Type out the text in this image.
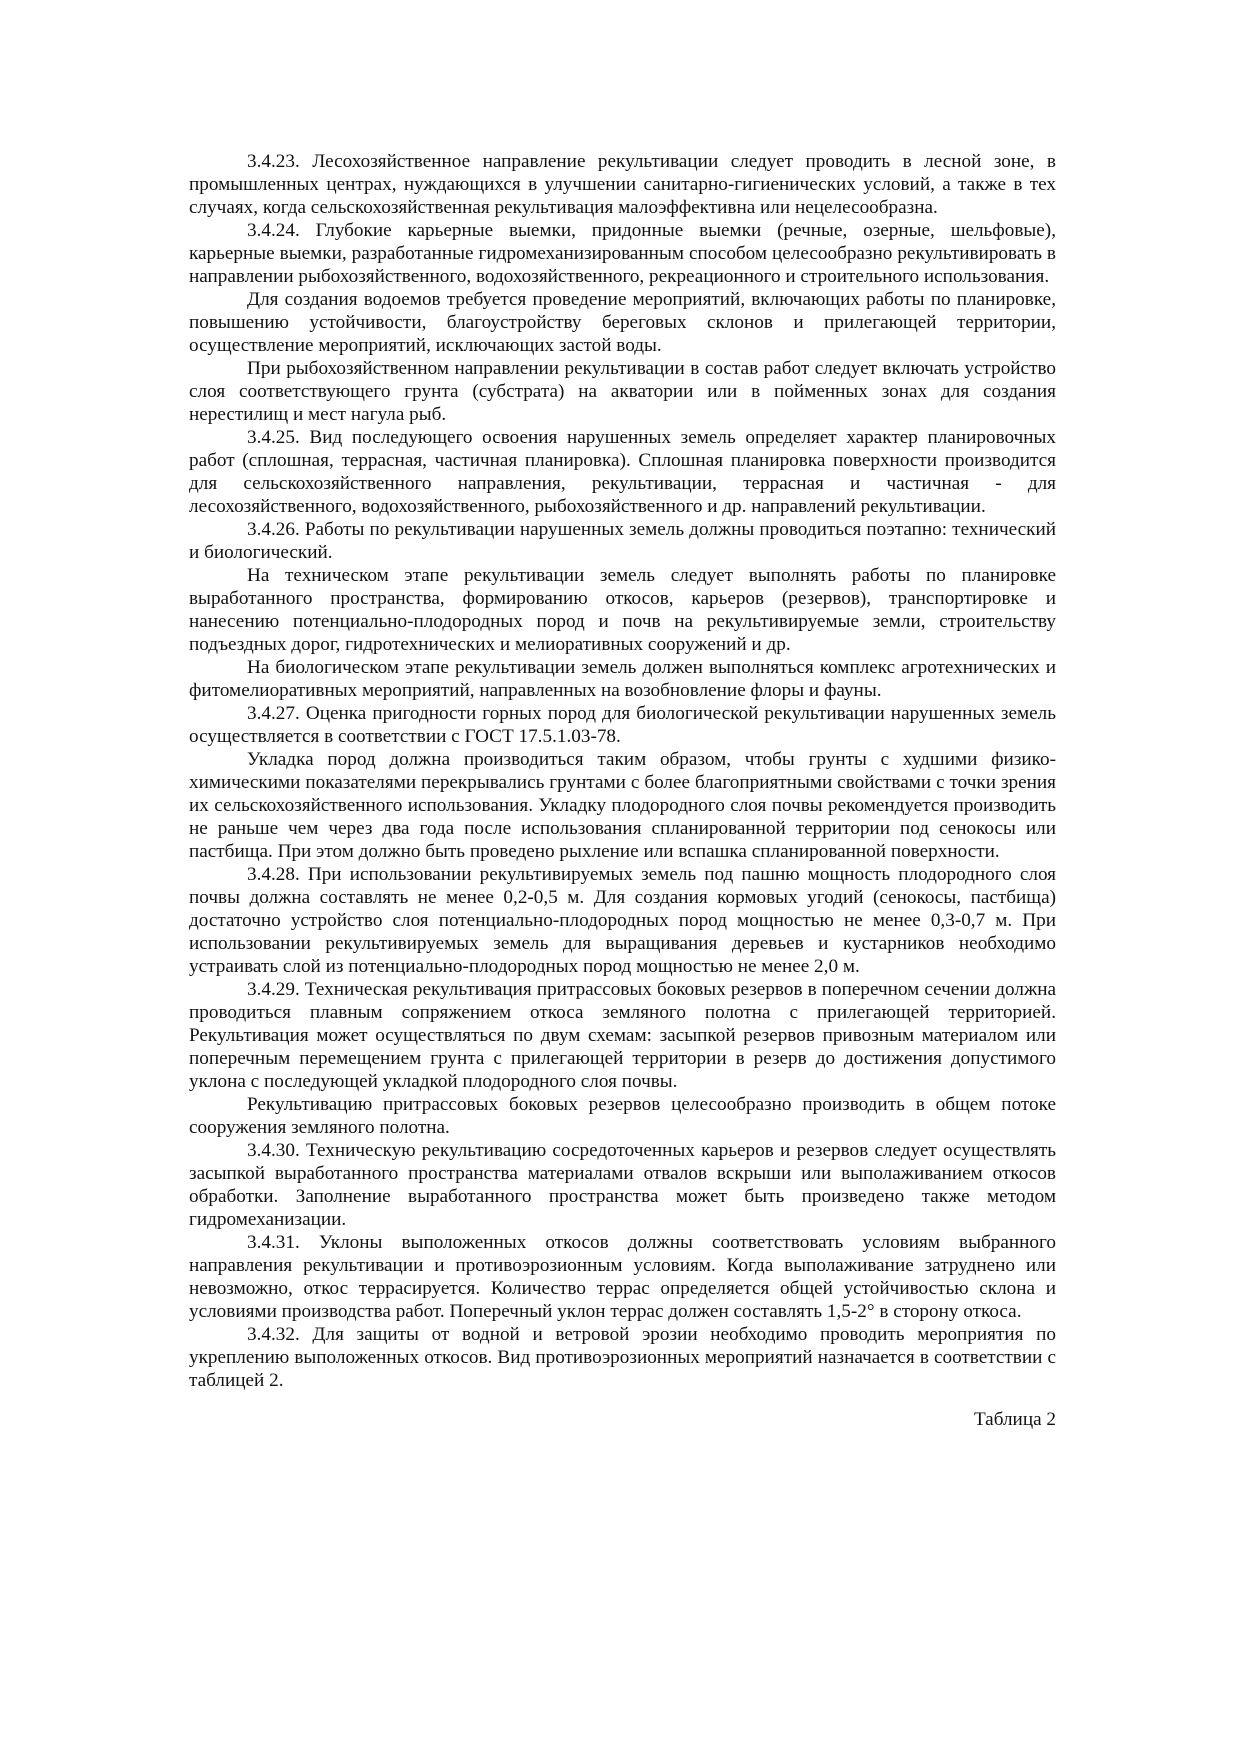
3.4.23. Лесохозяйственное направление рекультивации следует проводить в лесной зоне, в промышленных центрах, нуждающихся в улучшении санитарно-гигиенических условий, а также в тех случаях, когда сельскохозяйственная рекультивация малоэффективна или нецелесообразна.

3.4.24. Глубокие карьерные выемки, придонные выемки (речные, озерные, шельфовые), карьерные выемки, разработанные гидромеханизированным способом целесообразно рекультивировать в направлении рыбохозяйственного, водохозяйственного, рекреационного и строительного использования.

Для создания водоемов требуется проведение мероприятий, включающих работы по планировке, повышению устойчивости, благоустройству береговых склонов и прилегающей территории, осуществление мероприятий, исключающих застой воды.

При рыбохозяйственном направлении рекультивации в состав работ следует включать устройство слоя соответствующего грунта (субстрата) на акватории или в пойменных зонах для создания нерестилищ и мест нагула рыб.

3.4.25. Вид последующего освоения нарушенных земель определяет характер планировочных работ (сплошная, террасная, частичная планировка). Сплошная планировка поверхности производится для сельскохозяйственного направления, рекультивации, террасная и частичная - для лесохозяйственного, водохозяйственного, рыбохозяйственного и др. направлений рекультивации.

3.4.26. Работы по рекультивации нарушенных земель должны проводиться поэтапно: технический и биологический.

На техническом этапе рекультивации земель следует выполнять работы по планировке выработанного пространства, формированию откосов, карьеров (резервов), транспортировке и нанесению потенциально-плодородных пород и почв на рекультивируемые земли, строительству подъездных дорог, гидротехнических и мелиоративных сооружений и др.

На биологическом этапе рекультивации земель должен выполняться комплекс агротехнических и фитомелиоративных мероприятий, направленных на возобновление флоры и фауны.

3.4.27. Оценка пригодности горных пород для биологической рекультивации нарушенных земель осуществляется в соответствии с ГОСТ 17.5.1.03-78.

Укладка пород должна производиться таким образом, чтобы грунты с худшими физико-химическими показателями перекрывались грунтами с более благоприятными свойствами с точки зрения их сельскохозяйственного использования. Укладку плодородного слоя почвы рекомендуется производить не раньше чем через два года после использования спланированной территории под сенокосы или пастбища. При этом должно быть проведено рыхление или вспашка спланированной поверхности.

3.4.28. При использовании рекультивируемых земель под пашню мощность плодородного слоя почвы должна составлять не менее 0,2-0,5 м. Для создания кормовых угодий (сенокосы, пастбища) достаточно устройство слоя потенциально-плодородных пород мощностью не менее 0,3-0,7 м. При использовании рекультивируемых земель для выращивания деревьев и кустарников необходимо устраивать слой из потенциально-плодородных пород мощностью не менее 2,0 м.

3.4.29. Техническая рекультивация притрассовых боковых резервов в поперечном сечении должна проводиться плавным сопряжением откоса земляного полотна с прилегающей территорией. Рекультивация может осуществляться по двум схемам: засыпкой резервов привозным материалом или поперечным перемещением грунта с прилегающей территории в резерв до достижения допустимого уклона с последующей укладкой плодородного слоя почвы.

Рекультивацию притрассовых боковых резервов целесообразно производить в общем потоке сооружения земляного полотна.

3.4.30. Техническую рекультивацию сосредоточенных карьеров и резервов следует осуществлять засыпкой выработанного пространства материалами отвалов вскрыши или выполаживанием откосов обработки. Заполнение выработанного пространства может быть произведено также методом гидромеханизации.

3.4.31. Уклоны выположенных откосов должны соответствовать условиям выбранного направления рекультивации и противоэрозионным условиям. Когда выполаживание затруднено или невозможно, откос террасируется. Количество террас определяется общей устойчивостью склона и условиями производства работ. Поперечный уклон террас должен составлять 1,5-2° в сторону откоса.

3.4.32. Для защиты от водной и ветровой эрозии необходимо проводить мероприятия по укреплению выположенных откосов. Вид противоэрозионных мероприятий назначается в соответствии с таблицей 2.

Таблица 2
